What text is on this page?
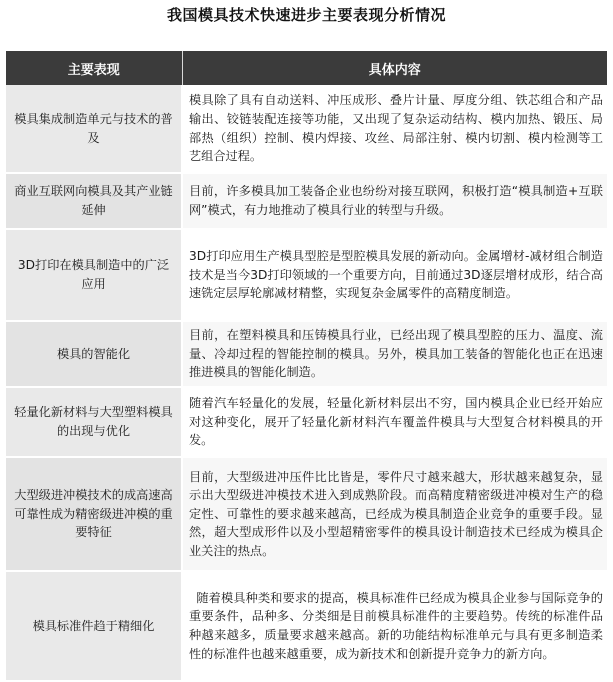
我国模具技术快速进步主要表现分析情况
主要表现	具体内容
模具集成制造单元与技术的普及	模具除了具有自动送料、冲压成形、叠片计量、厚度分组、铁芯组合和产品输出、铰链装配连接等功能，又出现了复杂运动结构、模内加热、锻压、局部热（组织）控制、模内焊接、攻丝、局部注射、模内切割、模内检测等工艺组合过程。
商业互联网向模具及其产业链延伸	目前，许多模具加工装备企业也纷纷对接互联网，积极打造“模具制造+互联网”模式，有力地推动了模具行业的转型与升级。
3D打印在模具制造中的广泛应用	3D打印应用生产模具型腔是型腔模具发展的新动向。金属增材-减材组合制造技术是当今3D打印领域的一个重要方向，目前通过3D逐层增材成形，结合高速铣定层厚轮廓减材精整，实现复杂金属零件的高精度制造。
模具的智能化	目前，在塑料模具和压铸模具行业，已经出现了模具型腔的压力、温度、流量、冷却过程的智能控制的模具。另外，模具加工装备的智能化也正在迅速推进模具的智能化制造。
轻量化新材料与大型塑料模具的出现与优化	随着汽车轻量化的发展，轻量化新材料层出不穷，国内模具企业已经开始应对这种变化，展开了轻量化新材料汽车覆盖件模具与大型复合材料模具的开发。
大型级进冲模技术的成高速高可靠性成为精密级进冲模的重要特征	目前，大型级进冲压件比比皆是，零件尺寸越来越大，形状越来越复杂，显示出大型级进冲模技术进入到成熟阶段。而高精度精密级进冲模对生产的稳定性、可靠性的要求越来越高，已经成为模具制造企业竞争的重要手段。显然，超大型成形件以及小型超精密零件的模具设计制造技术已经成为模具企业关注的热点。
模具标准件趋于精细化	随着模具种类和要求的提高，模具标准件已经成为模具企业参与国际竞争的重要条件，品种多、分类细是目前模具标准件的主要趋势。传统的标准件品种越来越多，质量要求越来越高。新的功能结构标准单元与具有更多制造柔性的标准件也越来越重要，成为新技术和创新提升竞争力的新方向。
